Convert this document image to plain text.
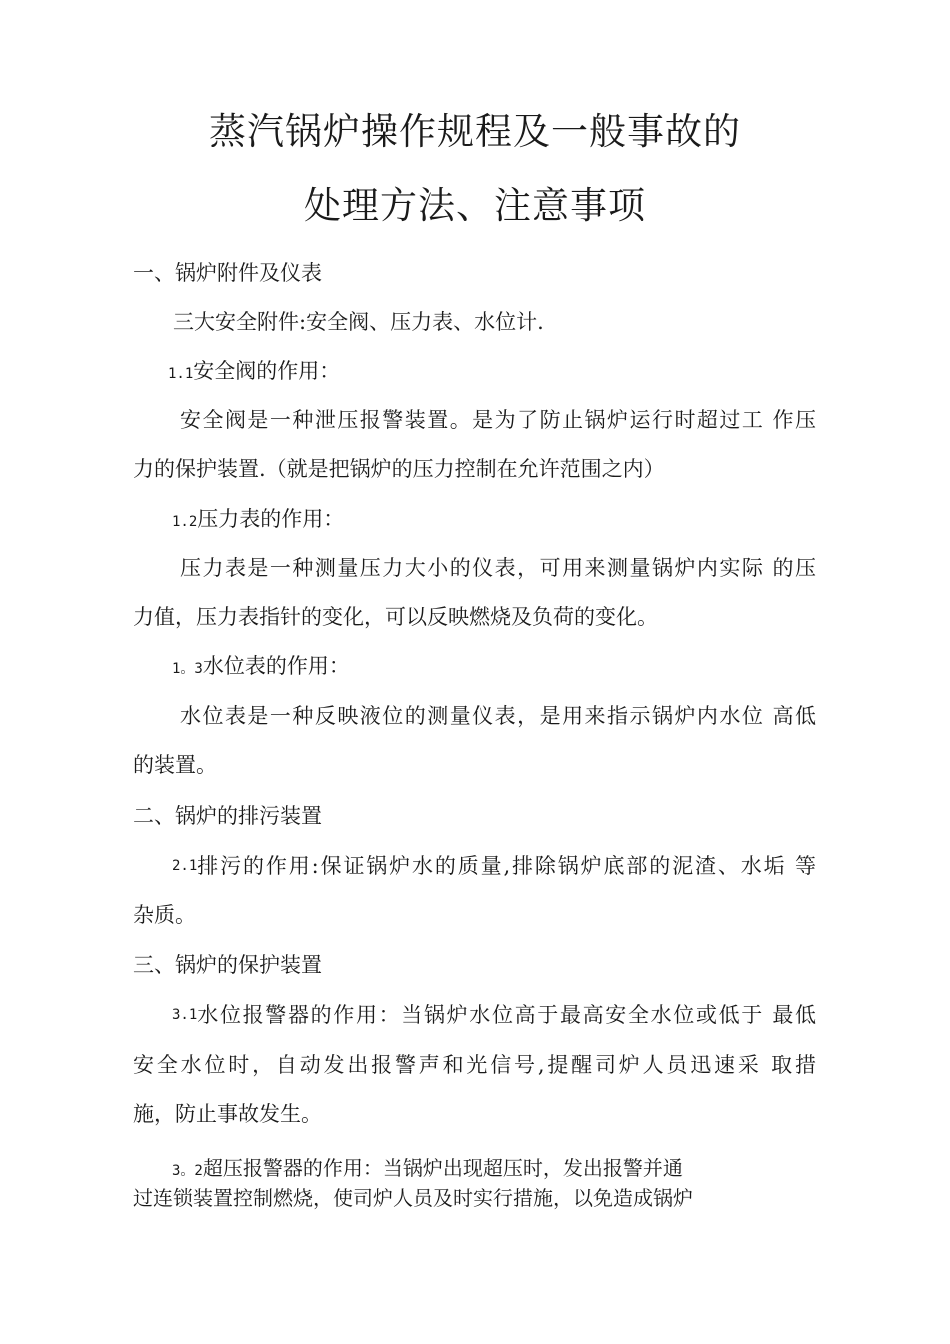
蒸汽锅炉操作规程及一般事故的
处理方法、注意事项
一、锅炉附件及仪表
三大安全附件:安全阀、压力表、水位计.
1.1安全阀的作用：
安全阀是一种泄压报警装置。是为了防止锅炉运行时超过工 作压
力的保护装置.（就是把锅炉的压力控制在允许范围之内）
1.2压力表的作用：
压力表是一种测量压力大小的仪表，可用来测量锅炉内实际 的压
力值，压力表指针的变化，可以反映燃烧及负荷的变化。
1。3水位表的作用：
水位表是一种反映液位的测量仪表，是用来指示锅炉内水位 高低
的装置。
二、锅炉的排污装置
2.1 排污的作用:保证锅炉水的质量,排除锅炉底部的泥渣、水垢 等
杂质。
三、锅炉的保护装置
3.1 水位报警器的作用：当锅炉水位高于最高安全水位或低于 最低
安全水位时，自动发出报警声和光信号,提醒司炉人员迅速采 取措
施，防止事故发生。
3。2超压报警器的作用：当锅炉出现超压时，发出报警并通
过连锁装置控制燃烧，使司炉人员及时实行措施，以免造成锅炉
